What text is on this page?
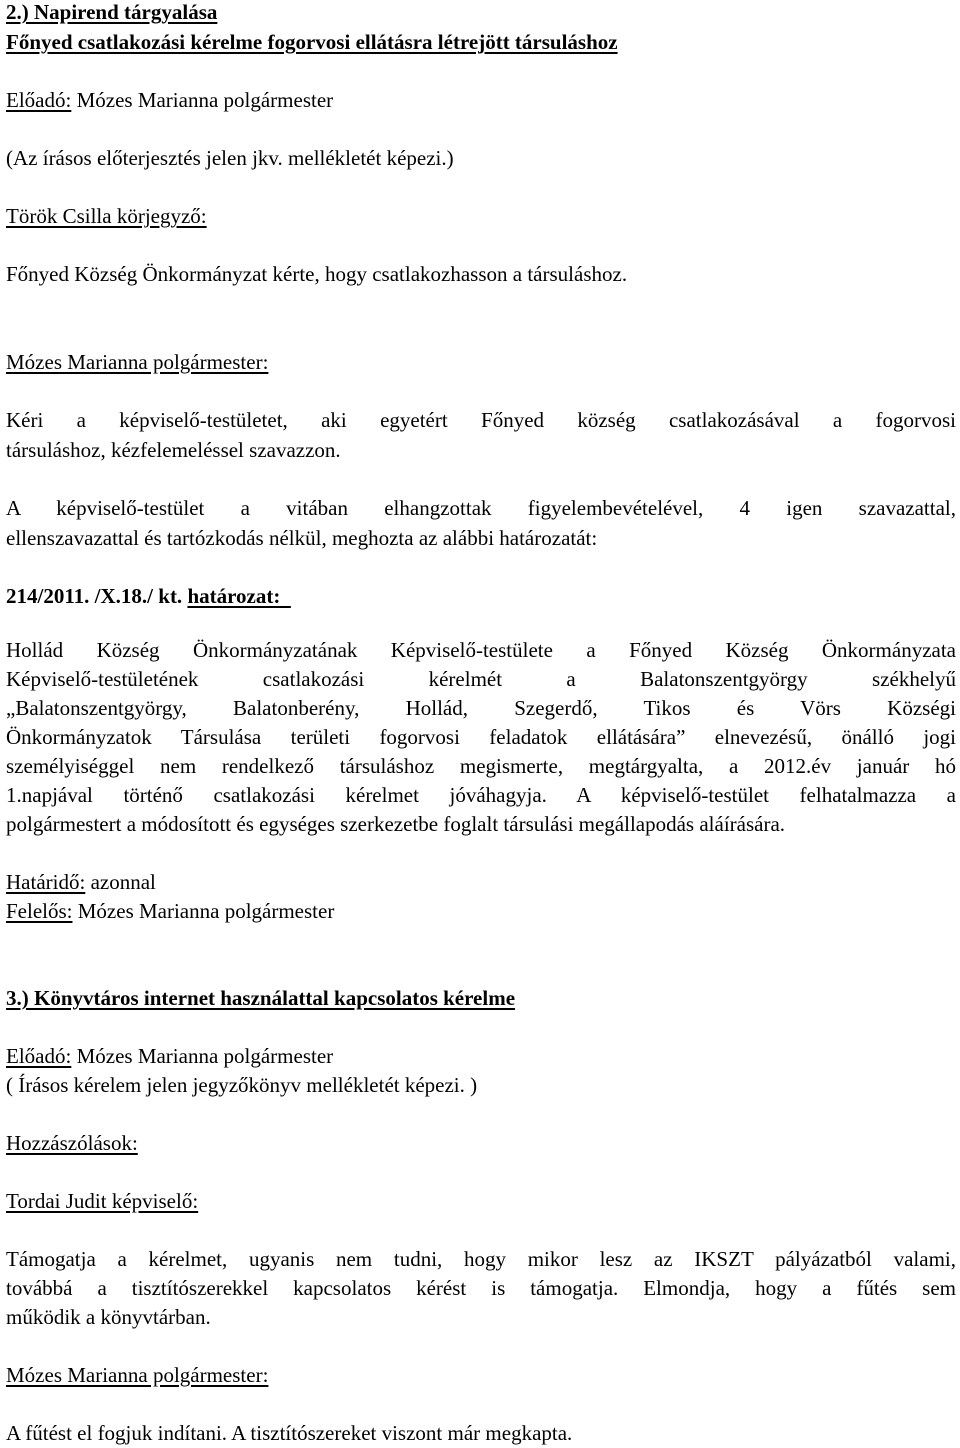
2.) Napirend tárgyalása

Főnyed csatlakozási kérelme fogorvosi ellátásra létrejött társuláshoz

Előadó: Mózes Marianna polgármester

(Az írásos előterjesztés jelen jkv. mellékletét képezi.)

Török Csilla körjegyző:

Főnyed Község Önkormányzat kérte, hogy csatlakozhasson a társuláshoz.

Mózes Marianna polgármester:

Kéri a képviselő-testületet, aki egyetért Főnyed község csatlakozásával a fogorvosi

társuláshoz, kézfelemeléssel szavazzon.

A képviselő-testület a vitában elhangzottak figyelembevételével, 4 igen szavazattal,

ellenszavazattal és tartózkodás nélkül, meghozta az alábbi határozatát:

214/2011. /X.18./ kt. határozat:

Hollád Község Önkormányzatának Képviselő-testülete a Főnyed Község Önkormányzata

Képviselő-testületének csatlakozási kérelmét a Balatonszentgyörgy székhelyű

„Balatonszentgyörgy, Balatonberény, Hollád, Szegerdő, Tikos és Vörs Községi

Önkormányzatok Társulása területi fogorvosi feladatok ellátására” elnevezésű, önálló jogi

személyiséggel nem rendelkező társuláshoz megismerte, megtárgyalta, a 2012.év január hó

1.napjával történő csatlakozási kérelmet jóváhagyja. A képviselő-testület felhatalmazza a

polgármestert a módosított és egységes szerkezetbe foglalt társulási megállapodás aláírására.

Határidő: azonnal

Felelős: Mózes Marianna polgármester

3.) Könyvtáros internet használattal kapcsolatos kérelme

Előadó: Mózes Marianna polgármester

( Írásos kérelem jelen jegyzőkönyv mellékletét képezi. )

Hozzászólások:

Tordai Judit képviselő:

Támogatja a kérelmet, ugyanis nem tudni, hogy mikor lesz az IKSZT pályázatból valami,

továbbá a tisztítószerekkel kapcsolatos kérést is támogatja. Elmondja, hogy a fűtés sem

működik a könyvtárban.

Mózes Marianna polgármester:

A fűtést el fogjuk indítani. A tisztítószereket viszont már megkapta.
